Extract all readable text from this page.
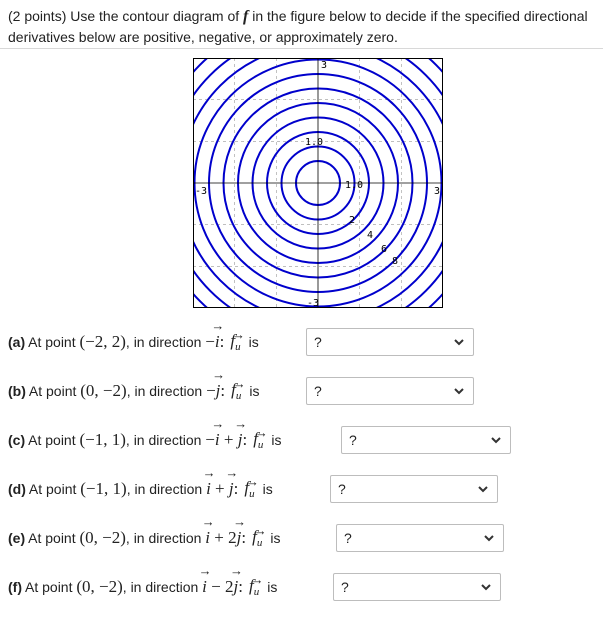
(2 points) Use the contour diagram of f in the figure below to decide if the specified directional derivatives below are positive, negative, or approximately zero.
3
-3
-3	3
1.0
1.0
2
4
6
8
(a) At point
(−2, 2) , in direction
−→ i : f→ u is	?
(b) At point
(0, −2) , in direction
−→ j : f→ u is	?
(c) At point
(−1, 1) , in direction
−→ i + → j : f→ u is	?
(d) At point
(−1, 1) , in direction
→ i + → j : f→ u is	?
(e) At point
(0, −2) , in direction
→ i + 2→ j : f→ u is	?
(f) At point
(0, −2) , in direction
→ i − 2→ j : f→ u is	?
